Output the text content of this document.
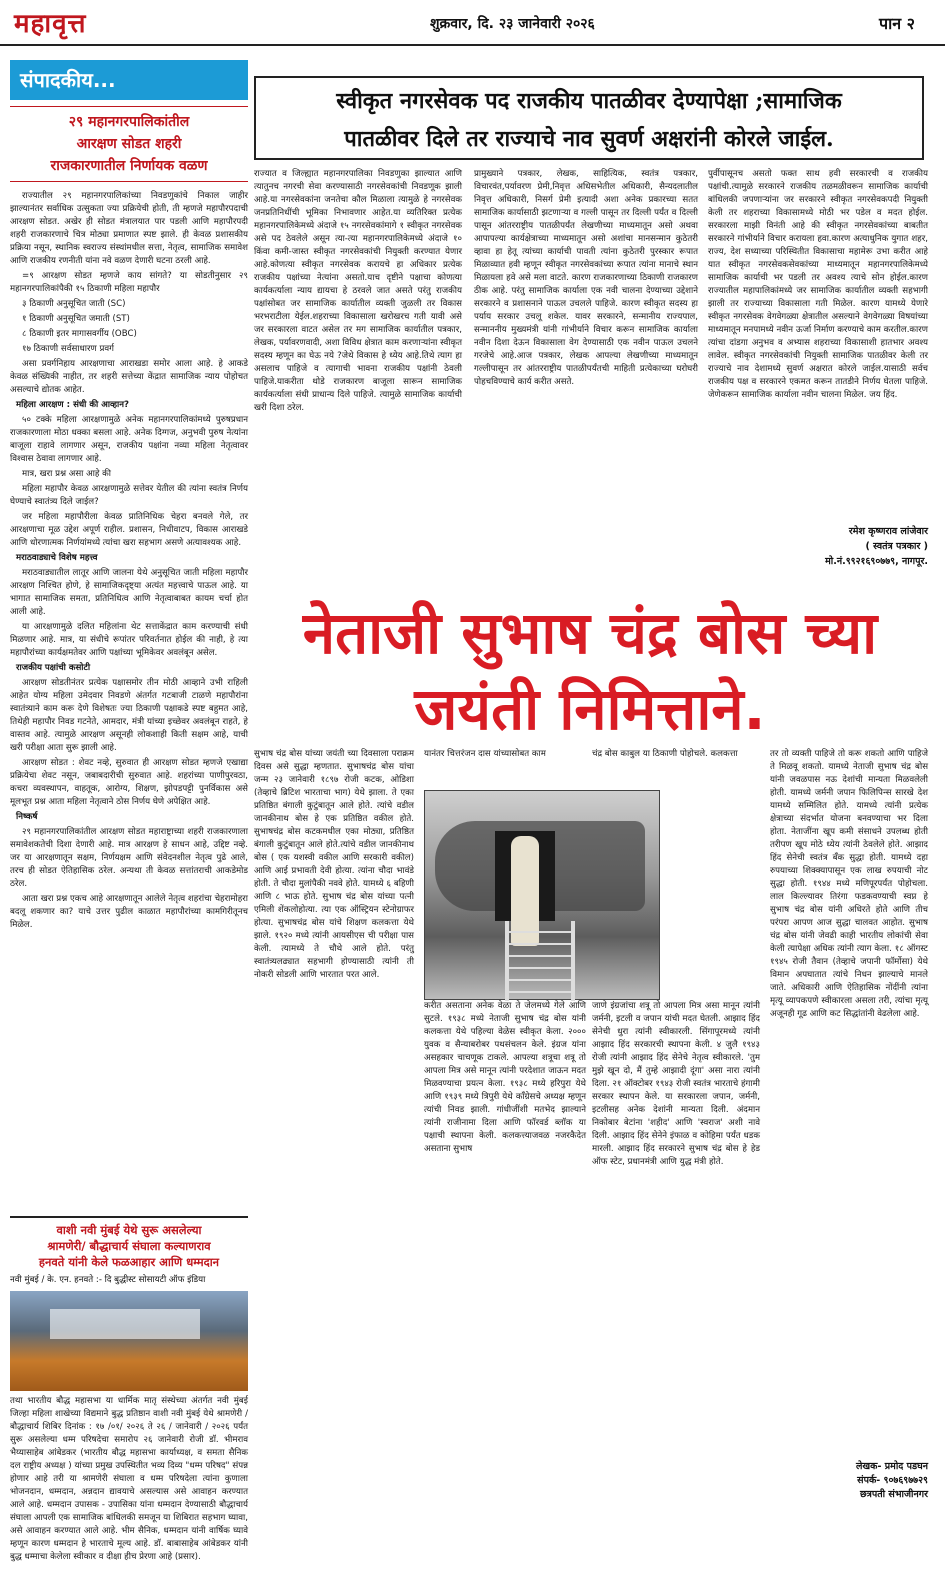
महावृत्त	शुक्रवार, दि. २३ जानेवारी २०२६	पान २
संपादकीय...
२९ महानगरपालिकांतील
आरक्षण सोडत शहरी
राजकारणातील निर्णायक वळण

राज्यातील २९ महानगरपालिकांच्या निवडणुकांचे निकाल जाहीर झाल्यानंतर सर्वाधिक उत्सुकता ज्या प्रक्रियेची होती, ती म्हणजे महापौरपदाची आरक्षण सोडत. अखेर ही सोडत मंत्रालयात पार पडली आणि महापौरपदी शहरी राजकारणाचे चित्र मोठ्या प्रमाणात स्पष्ट झाले. ही केवळ प्रशासकीय प्रक्रिया नसून, स्थानिक स्वराज्य संस्थांमधील सत्ता, नेतृत्व, सामाजिक समावेश आणि राजकीय रणनीती यांना नवे वळण देणारी घटना ठरली आहे.

=९ आरक्षण सोडत म्हणजे काय सांगते? या सोडतीनुसार २९ महानगरपालिकांपैकी १५ ठिकाणी महिला महापौर

३ ठिकाणी अनुसूचित जाती (SC)

१ ठिकाणी अनुसूचित जमाती (ST)

८ ठिकाणी इतर मागासवर्गीय (OBC)

१७ ठिकाणी सर्वसाधारण प्रवर्ग

असा प्रवर्गनिहाय आरक्षणाचा आराखडा समोर आला आहे. हे आकडे केवळ संख्यिकी नाहीत, तर शहरी सत्तेच्या केंद्रात सामाजिक न्याय पोहोचत असल्याचे द्योतक आहेत.

महिला आरक्षण : संधी की आव्हान?

५० टक्के महिला आरक्षणामुळे अनेक महानगरपालिकांमध्ये पुरुषप्रधान राजकारणाला मोठा धक्का बसला आहे. अनेक दिग्गज, अनुभवी पुरुष नेत्यांना बाजूला राहावे लागणार असून, राजकीय पक्षांना नव्या महिला नेतृत्वावर विश्वास ठेवावा लागणार आहे.

मात्र, खरा प्रश्न असा आहे की

महिला महापौर केवळ आरक्षणामुळे सत्तेवर येतील की त्यांना स्वतंत्र निर्णय घेण्याचे स्वातंत्र्य दिले जाईल?

जर महिला महापौरीला केवळ प्रातिनिधिक चेहरा बनवले गेले, तर आरक्षणाचा मूळ उद्देश अपूर्ण राहील. प्रशासन, निधीवाटप, विकास आराखडे आणि धोरणात्मक निर्णयांमध्ये त्यांचा खरा सहभाग असणे अत्यावश्यक आहे.

मराठवाड्याचे विशेष महत्त्व

मराठवाड्यातील लातूर आणि जालना येथे अनुसूचित जाती महिला महापौर आरक्षण निश्चित होणे, हे सामाजिकदृष्ट्या अत्यंत महत्त्वाचे पाऊल आहे. या भागात सामाजिक समता, प्रतिनिधित्व आणि नेतृत्वाबाबत कायम चर्चा होत आली आहे.

या आरक्षणामुळे दलित महिलांना थेट सत्ताकेंद्रात काम करण्याची संधी मिळणार आहे. मात्र, या संधीचे रूपांतर परिवर्तनात होईल की नाही, हे त्या महापौरांच्या कार्यक्षमतेवर आणि पक्षांच्या भूमिकेवर अवलंबून असेल.

राजकीय पक्षांची कसोटी

आरक्षण सोडतीनंतर प्रत्येक पक्षासमोर तीन मोठी आव्हाने उभी राहिली आहेत योग्य महिला उमेदवार निवडणे अंतर्गत गटबाजी टाळणे महापौरांना स्वातंत्र्याने काम करू देणे विशेषतः ज्या ठिकाणी पक्षाकडे स्पष्ट बहुमत आहे, तिथेही महापौर निवड गटनेते, आमदार, मंत्री यांच्या इच्छेवर अवलंबून राहते, हे वास्तव आहे. त्यामुळे आरक्षण असूनही लोकशाही किती सक्षम आहे, याची खरी परीक्षा आता सुरू झाली आहे.

आरक्षण सोडत : शेवट नव्हे, सुरुवात ही आरक्षण सोडत म्हणजे एखाद्या प्रक्रियेचा शेवट नसून, जबाबदारीची सुरुवात आहे. शहरांच्या पाणीपुरवठा, कचरा व्यवस्थापन, वाहतूक, आरोग्य, शिक्षण, झोपडपट्टी पुनर्विकास असे मूलभूत प्रश्न आता महिला नेतृत्वाने ठोस निर्णय घेणे अपेक्षित आहे.

निष्कर्ष

२९ महानगरपालिकांतील आरक्षण सोडत महाराष्ट्राच्या शहरी राजकारणाला समावेशकतेची दिशा देणारी आहे. मात्र आरक्षण हे साधन आहे, उद्दिष्ट नव्हे. जर या आरक्षणातून सक्षम, निर्णयक्षम आणि संवेदनशील नेतृत्व पुढे आले, तरच ही सोडत ऐतिहासिक ठरेल. अन्यथा ती केवळ सत्तांतराची आकडेमोड ठरेल.

आता खरा प्रश्न एकच आहे आरक्षणातून आलेले नेतृत्व शहरांचा चेहरामोहरा बदलू शकणार का? याचे उत्तर पुढील काळात महापौरांच्या कामगिरीतूनच मिळेल.

वाशी नवी मुंबई येथे सुरू असलेल्या
श्रामणेरी/ बौद्धाचार्य संघाला कल्याणराव
हनवते यांनी केले फळआहार आणि धम्मदान
नवी मुंबई / के. एन. हनवते :- दि बुद्धीस्ट सोसायटी ऑफ इंडिया
तथा भारतीय बौद्ध महासभा या धार्मिक मातृ संस्थेच्या अंतर्गत नवी मुंबई जिल्हा महिला शाखेच्या विद्यमाने बुद्ध प्रतिष्ठान वाशी नवी मुंबई येथे श्रामणेरी /बौद्धाचार्य शिबिर दिनांक : १७ /०१/ २०२६ ते २६ / जानेवारी / २०२६ पर्यंत सुरू असलेल्या धम्म परिषदेचा समारोप २६ जानेवारी रोजी डॉ. भीमराव भैय्यासाहेब आंबेडकर (भारतीय बौद्ध महासभा कार्याध्यक्ष, व समता सैनिक दल राष्ट्रीय अध्यक्ष ) यांच्या प्रमुख उपस्थितीत भव्य दिव्य "धम्म परिषद" संपन्न होणार आहे तरी या श्रामणेरी संघाला व धम्म परिषदेला त्यांना कुणाला भोजनदान, धम्मदान, अन्नदान द्यावयाचे असल्यास असे आवाहन करण्यात आले आहे. धम्मदान उपासक - उपासिका यांना धम्मदान देण्यासाठी बौद्धाचार्य संघाला आपली एक सामाजिक बांधिलकी समजून या शिबिरात सहभाग घ्यावा, असे आवाहन करण्यात आले आहे. भीम सैनिक, धम्मदान यांनी वार्षिक घ्यावे म्हणून कारण धम्मदान हे भारताचे मूल्य आहे. डॉ. बाबासाहेब आंबेडकर यांनी बुद्ध धम्माचा केलेला स्वीकार व दीक्षा हीच प्रेरणा आहे (प्रसार).
स्वीकृत नगरसेवक पद राजकीय पातळीवर देण्यापेक्षा ;सामाजिक
पातळीवर दिले तर राज्याचे नाव सुवर्ण अक्षरांनी कोरले जाईल.
राज्यात व जिल्ह्यात महानगरपालिका निवडणुका झाल्यात आणि त्यातुनच नगरची सेवा करण्यासाठी नगरसेवकांची निवडणूक झाली आहे.या नगरसेवकांना जनतेचा कौल मिळाला त्यामुळे हे नगरसेवक जनप्रतिनिधींची भूमिका निभावणार आहेत.या व्यतिरिक्त प्रत्येक महानगरपालिकेमध्ये अंदाजे १५ नगरसेवकांमागे १ स्वीकृत नगरसेवक असे पद ठेवलेले असून त्या-त्या महानगरपालिकेमध्ये अंदाजे १० किंवा कमी-जास्त स्वीकृत नगरसेवकांची नियुक्ती करण्यात येणार आहे.कोणत्या स्वीकृत नगरसेवक करायचे हा अधिकार प्रत्येक राजकीय पक्षांच्या नेत्यांना असतो.याच दृष्टीने पक्षाचा कोणत्या कार्यकर्त्याला न्याय द्यायचा हे ठरवले जात असते परंतु राजकीय पक्षांसोबत जर सामाजिक कार्यातील व्यक्ती जुळली तर विकास भरभराटीला येईल.शहराच्या विकासाला खरोखरच गती यावी असे जर सरकारला वाटत असेल तर मग सामाजिक कार्यातील पत्रकार, लेखक, पर्यावरणवादी, अशा विविध क्षेत्रात काम करणाऱ्यांना स्वीकृत सदस्य म्हणून का घेऊ नये ?जेथे विकास हे ध्येय आहे.तिथे त्याग हा असलाच पाहिजे व त्यागाची भावना राजकीय पक्षांनी ठेवली पाहिजे.याकरीता थोडे राजकारण बाजूला सारून सामाजिक कार्यकर्त्याला संधी प्राधान्य दिले पाहिजे. त्यामुळे सामाजिक कार्याची खरी दिशा ठरेल.
प्रामुख्याने पत्रकार, लेखक, साहित्यिक, स्वतंत्र पत्रकार, विचारवंत,पर्यावरण प्रेमी,निवृत्त अधिसभेतील अधिकारी, सैन्यदलातील निवृत्त अधिकारी, निसर्ग प्रेमी इत्यादी अशा अनेक प्रकारच्या सतत सामाजिक कार्यासाठी झटणाऱ्या व गल्ली पासून तर दिल्ली पर्यंत व दिल्ली पासून आंतरराष्ट्रीय पातळीपर्यंत लेखणीच्या माध्यमातून असो अथवा आपापल्या कार्यक्षेत्राच्या माध्यमातून असो अशांचा मानसन्मान कुठेतरी व्हावा हा हेतू त्यांच्या कार्याची पावती त्यांना कुठेतरी पुरस्कार रूपात मिळाव्यात हवी म्हणून स्वीकृत नगरसेवकांच्या रूपात त्यांना मानाचे स्थान मिळायला हवे असे मला वाटते. कारण राजकारणाच्या ठिकाणी राजकारण ठीक आहे. परंतु सामाजिक कार्याला एक नवी चालना देण्याच्या उद्देशाने सरकारने व प्रशासनाने पाऊल उचलले पाहिजे. कारण स्वीकृत सदस्य हा पर्याय सरकार उचलू शकेल. यावर सरकारने, सन्मानीय राज्यपाल, सन्माननीय मुख्यमंत्री यांनी गांभीर्याने विचार करून सामाजिक कार्याला नवीन दिशा देऊन विकासाला वेग देण्यासाठी एक नवीन पाऊल उचलने गरजेचे आहे.आज पत्रकार, लेखक आपल्या लेखणीच्या माध्यमातून गल्लीपासून तर आंतरराष्ट्रीय पातळीपर्यंतची माहिती प्रत्येकाच्या घरोघरी पोहचविण्याचे कार्य करीत असते.
पुर्वीपासूनच असतो फक्त साथ हवी सरकारची व राजकीय पक्षांची.त्यामुळे सरकारने राजकीय तळमळीवरून सामाजिक कार्याची बांधिलकी जपणाऱ्यांना जर सरकारने स्वीकृत नगरसेवकपदी नियुक्ती केली तर शहराच्या विकासामध्ये मोठी भर पडेल व मदत होईल. सरकारला माझी विनंती आहे की स्वीकृत नगरसेवकांच्या बाबतीत सरकारने गांभीर्याने विचार करायला हवा.कारण अत्याधुनिक युगात शहर, राज्य, देश सध्याच्या परिस्थितीत विकासाचा महामेरू उभा करीत आहे यात स्वीकृत नगरसेवकसेवकांच्या माध्यमातून महानगरपालिकेमध्ये सामाजिक कार्याची भर पडली तर अवश्य त्याचे सोन होईल.कारण राज्यातील महापालिकांमध्ये जर सामाजिक कार्यातील व्यक्ती सहभागी झाली तर राज्याच्या विकासाला गती मिळेल. कारण यामध्ये येणारे स्वीकृत नगरसेवक वेगवेगळ्या क्षेत्रातील असल्याने वेगवेगळ्या विषयांच्या माध्यमातून मनपामध्ये नवीन ऊर्जा निर्माण करण्याचे काम करतील.कारण त्यांचा दांडगा अनुभव व अभ्यास शहराच्या विकासाशी हातभार अवश्य लावेल. स्वीकृत नगरसेवकांची नियुक्ती सामाजिक पातळीवर केली तर राज्याचे नाव देशामध्ये सुवर्ण अक्षरात कोरले जाईल.यासाठी सर्वच राजकीय पक्ष व सरकारने एकमत करून तातडीने निर्णय घेतला पाहिजे. जेणेकरून सामाजिक कार्याला नवीन चालना मिळेल. जय हिंद.
रमेश कृष्णराव लांजेवार
( स्वतंत्र पत्रकार )
मो.नं.९९२१६९०७७९, नागपूर.
नेताजी सुभाष चंद्र बोस च्या
जयंती निमित्ताने.
सुभाष चंद्र बोस यांच्या जयंती च्या दिवसाला पराक्रम दिवस असे सुद्धा म्हणतात. सुभाषचंद्र बोस यांचा जन्म २३ जानेवारी १८९७ रोजी कटक, ओडिशा (तेव्हाचे ब्रिटिश भारताचा भाग) येथे झाला. ते एका प्रतिष्ठित बंगाली कुटुंबातून आले होते. त्यांचे वडील जानकीनाथ बोस हे एक प्रतिष्ठित वकील होते. सुभाषचंद्र बोस कटकमधील एका मोठ्या, प्रतिष्ठित बंगाली कुटुंबातून आले होते.त्यांचे वडील जानकीनाथ बोस ( एक यशस्वी वकील आणि सरकारी वकील) आणि आई प्रभावती देवी होत्या. त्यांना चौदा भावंडे होती. ते चौदा मुलांपैकी नववे होते. यामध्ये ६ बहिणी आणि ८ भाऊ होते. सुभाष चंद्र बोस यांच्या पत्नी एमिली शेंकलोहोत्या. त्या एक ऑस्ट्रियन स्टेनोग्राफर होत्या. सुभाषचंद्र बोस यांचे शिक्षण कलकत्ता येथे झाले. १९२० मध्ये त्यांनी आयसीएस ची परीक्षा पास केली. त्यामध्ये ते चौथे आले होते. परंतु स्वातंत्र्यलढ्यात सहभागी होण्यासाठी त्यांनी ती नोकरी सोडली आणि भारतात परत आले.
यानंतर चित्तरंजन दास यांच्यासोबत काम
करीत असताना अनेक वेळा ते जेलमध्ये गेले आणि सुटले. १९३८ मध्ये नेताजी सुभाष चंद्र बोस यांनी कलकत्ता येथे पहिल्या वेळेस स्वीकृत केला. २००० युवक व सैन्याबरोबर पथसंचलन केले. इंग्रज यांना असहकार चाचणूक टाकले. आपल्या शत्रूचा शत्रू तो आपला मित्र असे मानून त्यांनी परदेशात जाऊन मदत मिळवण्याचा प्रयत्न केला. १९३८ मध्ये हरिपुरा येथे आणि १९३९ मध्ये त्रिपुरी येथे काँग्रेसचे अध्यक्ष म्हणून त्यांची निवड झाली. गांधीजींशी मतभेद झाल्याने त्यांनी राजीनामा दिला आणि फॉरवर्ड ब्लॉक या पक्षाची स्थापना केली. कलकत्त्याजवळ नजरकैदेत असताना सुभाष
चंद्र बोस काबुल या ठिकाणी पोहोचले. कलकत्ता
जाणे इंग्रजांचा शत्रू तो आपला मित्र असा मानून त्यांनी जर्मनी, इटली व जपान यांची मदत घेतली. आझाद हिंद सेनेची धुरा त्यांनी स्वीकारली. सिंगापूरमध्ये त्यांनी आझाद हिंद सरकारची स्थापना केली. ४ जुलै १९४३ रोजी त्यांनी आझाद हिंद सेनेचे नेतृत्व स्वीकारले. 'तुम मुझे खून दो, मैं तुम्हे आझादी दूंगा' असा नारा त्यांनी दिला. २१ ऑक्टोबर १९४३ रोजी स्वतंत्र भारताचे हंगामी सरकार स्थापन केले. या सरकारला जपान, जर्मनी, इटलीसह अनेक देशांनी मान्यता दिली. अंदमान निकोबार बेटांना 'शहीद' आणि 'स्वराज' अशी नावे दिली. आझाद हिंद सेनेने इंफाळ व कोहिमा पर्यंत धडक मारली. आझाद हिंद सरकारने सुभाष चंद्र बोस हे हेड ऑफ स्टेट, प्रधानमंत्री आणि युद्ध मंत्री होते.
तर तो व्यक्ती पाहिजे तो करू शकतो आणि पाहिजे ते मिळवू शकतो. यामध्ये नेताजी सुभाष चंद्र बोस यांनी जवळपास नऊ देशांची मान्यता मिळवलेली होती. यामध्ये जर्मनी जपान फिलिपिन्स सारखे देश यामध्ये सम्मिलित होते. यामध्ये त्यांनी प्रत्येक क्षेत्राच्या संदर्भात योजना बनवण्याचा भर दिला होता. नेताजींना खूप कमी संसाधने उपलब्ध होती तरीपण खूप मोठे ध्येय त्यांनी ठेवलेले होते. आझाद हिंद सेनेची स्वतंत्र बँक सुद्धा होती. यामध्ये दहा रुपयाच्या शिक्क्यापासून एक लाख रुपयाची नोट सुद्धा होती. १९४४ मध्ये मणिपूरपर्यंत पोहोचला. लाल किल्ल्यावर तिरंगा फडकवण्याची स्वप्न हे सुभाष चंद्र बोस यांनी अधिरते होते आणि तीच परंपरा आपण आज सुद्धा चालवत आहोत. सुभाष चंद्र बोस यांनी जेवढी काही भारतीय लोकांची सेवा केली त्यापेक्षा अधिक त्यांनी त्याग केला. १८ ऑगस्ट १९४५ रोजी तैवान (तेव्हाचे जपानी फॉर्मोसा) येथे विमान अपघातात त्यांचे निधन झाल्याचे मानले जाते. अधिकारी आणि ऐतिहासिक नोंदींनी त्यांना मृत्यू व्यापकपणे स्वीकारला असला तरी, त्यांचा मृत्यू अजूनही गूढ आणि कट सिद्धांतांनी वेढलेला आहे.
लेखक- प्रमोद पडघन
संपर्क- ९०७६९७७२९
छत्रपती संभाजीनगर
